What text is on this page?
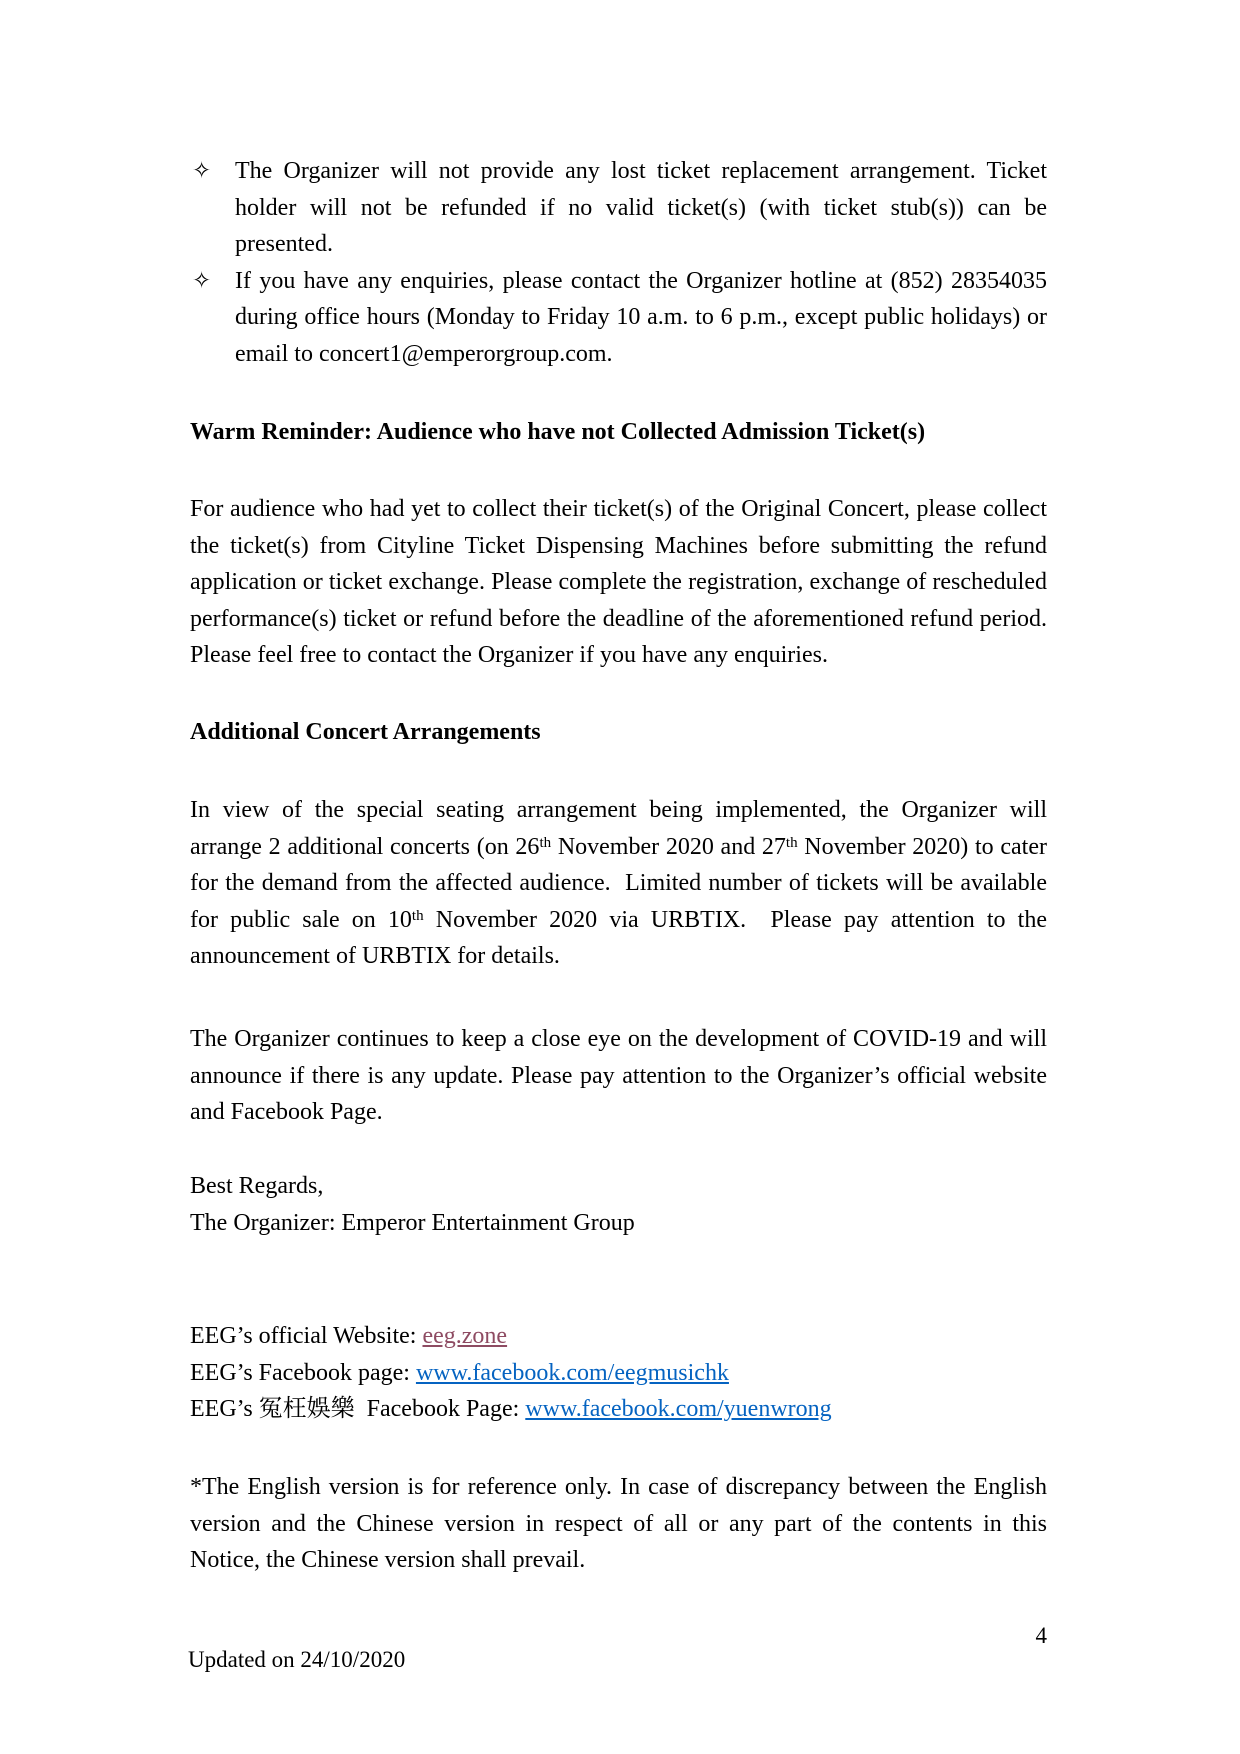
✧ The Organizer will not provide any lost ticket replacement arrangement. Ticket holder will not be refunded if no valid ticket(s) (with ticket stub(s)) can be presented.
✧ If you have any enquiries, please contact the Organizer hotline at (852) 28354035 during office hours (Monday to Friday 10 a.m. to 6 p.m., except public holidays) or email to concert1@emperorgroup.com.
Warm Reminder: Audience who have not Collected Admission Ticket(s)
For audience who had yet to collect their ticket(s) of the Original Concert, please collect the ticket(s) from Cityline Ticket Dispensing Machines before submitting the refund application or ticket exchange. Please complete the registration, exchange of rescheduled performance(s) ticket or refund before the deadline of the aforementioned refund period. Please feel free to contact the Organizer if you have any enquiries.
Additional Concert Arrangements
In view of the special seating arrangement being implemented, the Organizer will arrange 2 additional concerts (on 26th November 2020 and 27th November 2020) to cater for the demand from the affected audience.  Limited number of tickets will be available for public sale on 10th November 2020 via URBTIX.  Please pay attention to the announcement of URBTIX for details.
The Organizer continues to keep a close eye on the development of COVID-19 and will announce if there is any update. Please pay attention to the Organizer’s official website and Facebook Page.
Best Regards,
The Organizer: Emperor Entertainment Group
EEG’s official Website: eeg.zone
EEG’s Facebook page: www.facebook.com/eegmusichk
EEG’s 冤枉娛樂  Facebook Page: www.facebook.com/yuenwrong
*The English version is for reference only. In case of discrepancy between the English version and the Chinese version in respect of all or any part of the contents in this Notice, the Chinese version shall prevail.
4
Updated on 24/10/2020
